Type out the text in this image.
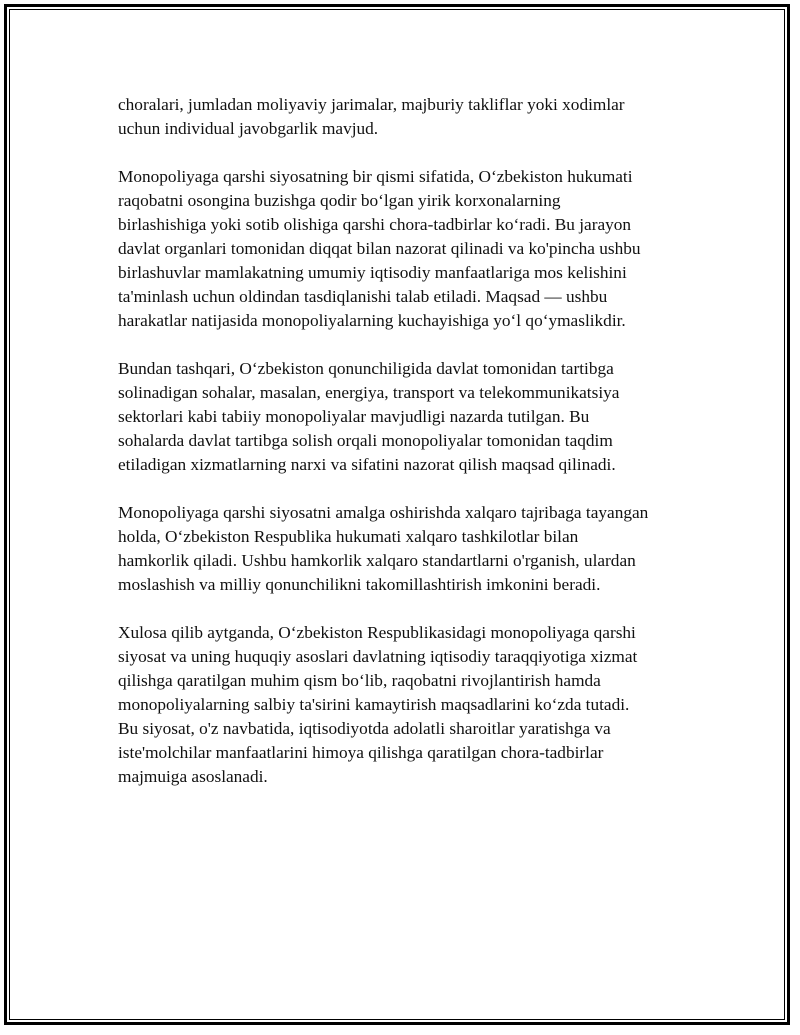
choralari, jumladan moliyaviy jarimalar, majburiy takliflar yoki xodimlar
uchun individual javobgarlik mavjud.

Monopoliyaga qarshi siyosatning bir qismi sifatida, O‘zbekiston hukumati
raqobatni osongina buzishga qodir bo‘lgan yirik korxonalarning
birlashishiga yoki sotib olishiga qarshi chora-tadbirlar ko‘radi. Bu jarayon
davlat organlari tomonidan diqqat bilan nazorat qilinadi va ko'pincha ushbu
birlashuvlar mamlakatning umumiy iqtisodiy manfaatlariga mos kelishini
ta'minlash uchun oldindan tasdiqlanishi talab etiladi. Maqsad — ushbu
harakatlar natijasida monopoliyalarning kuchayishiga yo‘l qo‘ymaslikdir.

Bundan tashqari, O‘zbekiston qonunchiligida davlat tomonidan tartibga
solinadigan sohalar, masalan, energiya, transport va telekommunikatsiya
sektorlari kabi tabiiy monopoliyalar mavjudligi nazarda tutilgan. Bu
sohalarda davlat tartibga solish orqali monopoliyalar tomonidan taqdim
etiladigan xizmatlarning narxi va sifatini nazorat qilish maqsad qilinadi.

Monopoliyaga qarshi siyosatni amalga oshirishda xalqaro tajribaga tayangan
holda, O‘zbekiston Respublika hukumati xalqaro tashkilotlar bilan
hamkorlik qiladi. Ushbu hamkorlik xalqaro standartlarni o'rganish, ulardan
moslashish va milliy qonunchilikni takomillashtirish imkonini beradi.

Xulosa qilib aytganda, O‘zbekiston Respublikasidagi monopoliyaga qarshi
siyosat va uning huquqiy asoslari davlatning iqtisodiy taraqqiyotiga xizmat
qilishga qaratilgan muhim qism bo‘lib, raqobatni rivojlantirish hamda
monopoliyalarning salbiy ta'sirini kamaytirish maqsadlarini ko‘zda tutadi.
Bu siyosat, o'z navbatida, iqtisodiyotda adolatli sharoitlar yaratishga va
iste'molchilar manfaatlarini himoya qilishga qaratilgan chora-tadbirlar
majmuiga asoslanadi.
